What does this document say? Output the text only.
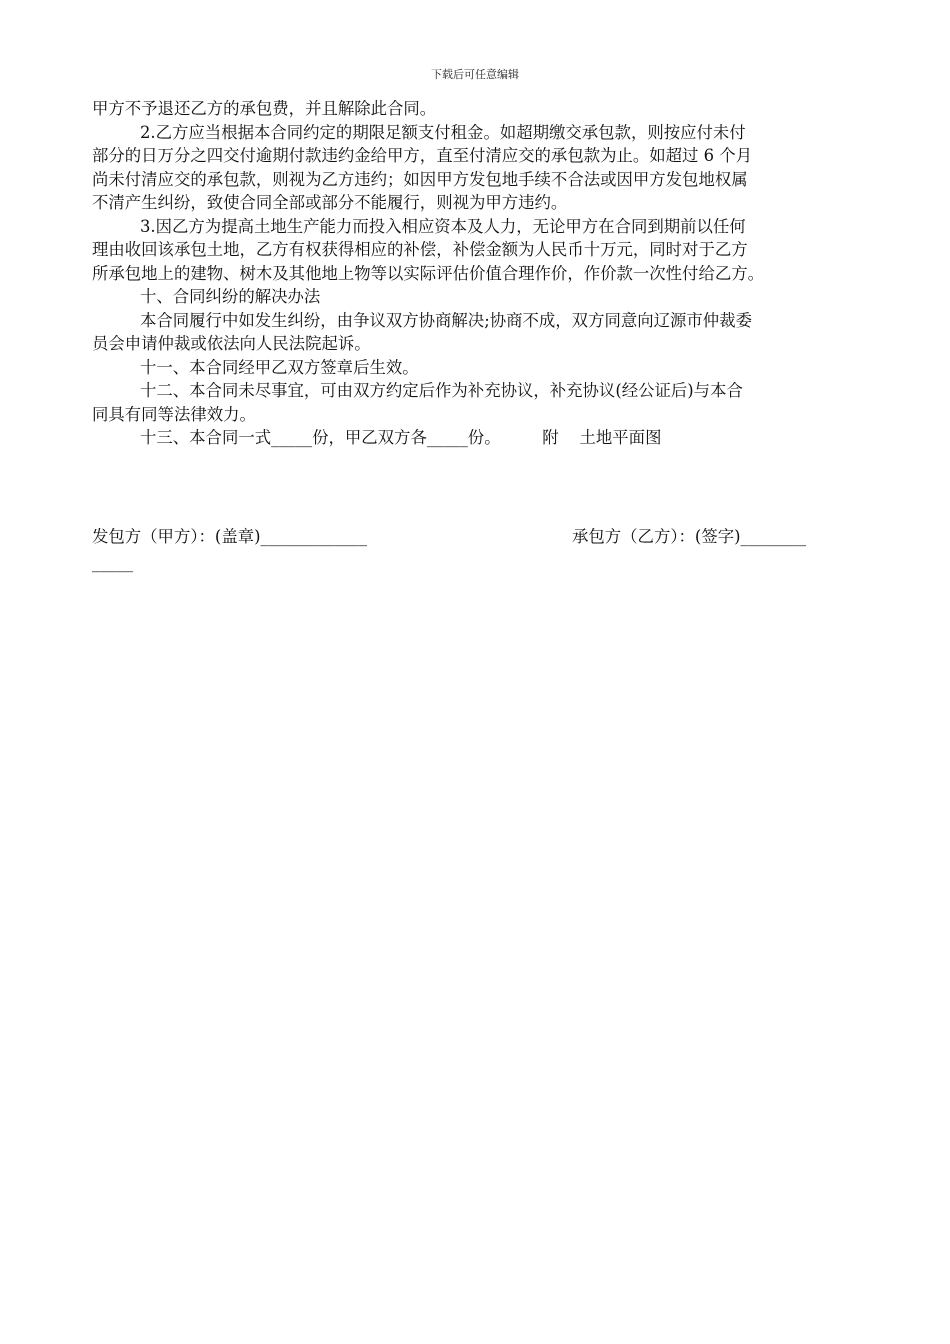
下载后可任意编辑

甲方不予退还乙方的承包费，并且解除此合同。

2.乙方应当根据本合同约定的期限足额支付租金。如超期缴交承包款，则按应付未付

部分的日万分之四交付逾期付款违约金给甲方，直至付清应交的承包款为止。如超过 6 个月

尚未付清应交的承包款，则视为乙方违约；如因甲方发包地手续不合法或因甲方发包地权属

不清产生纠纷，致使合同全部或部分不能履行，则视为甲方违约。

3.因乙方为提高土地生产能力而投入相应资本及人力，无论甲方在合同到期前以任何

理由收回该承包土地，乙方有权获得相应的补偿，补偿金额为人民币十万元，同时对于乙方

所承包地上的建物、树木及其他地上物等以实际评估价值合理作价，作价款一次性付给乙方。

十、合同纠纷的解决办法

本合同履行中如发生纠纷，由争议双方协商解决;协商不成，双方同意向辽源市仲裁委

员会申请仲裁或依法向人民法院起诉。

十一、本合同经甲乙双方签章后生效。

十二、本合同未尽事宜，可由双方约定后作为补充协议，补充协议(经公证后)与本合

同具有同等法律效力。

十三、本合同一式_____份，甲乙双方各_____份。        附    土地平面图

发包方（甲方）：(盖章)_____________	承包方（乙方）：(签字)________
_____
